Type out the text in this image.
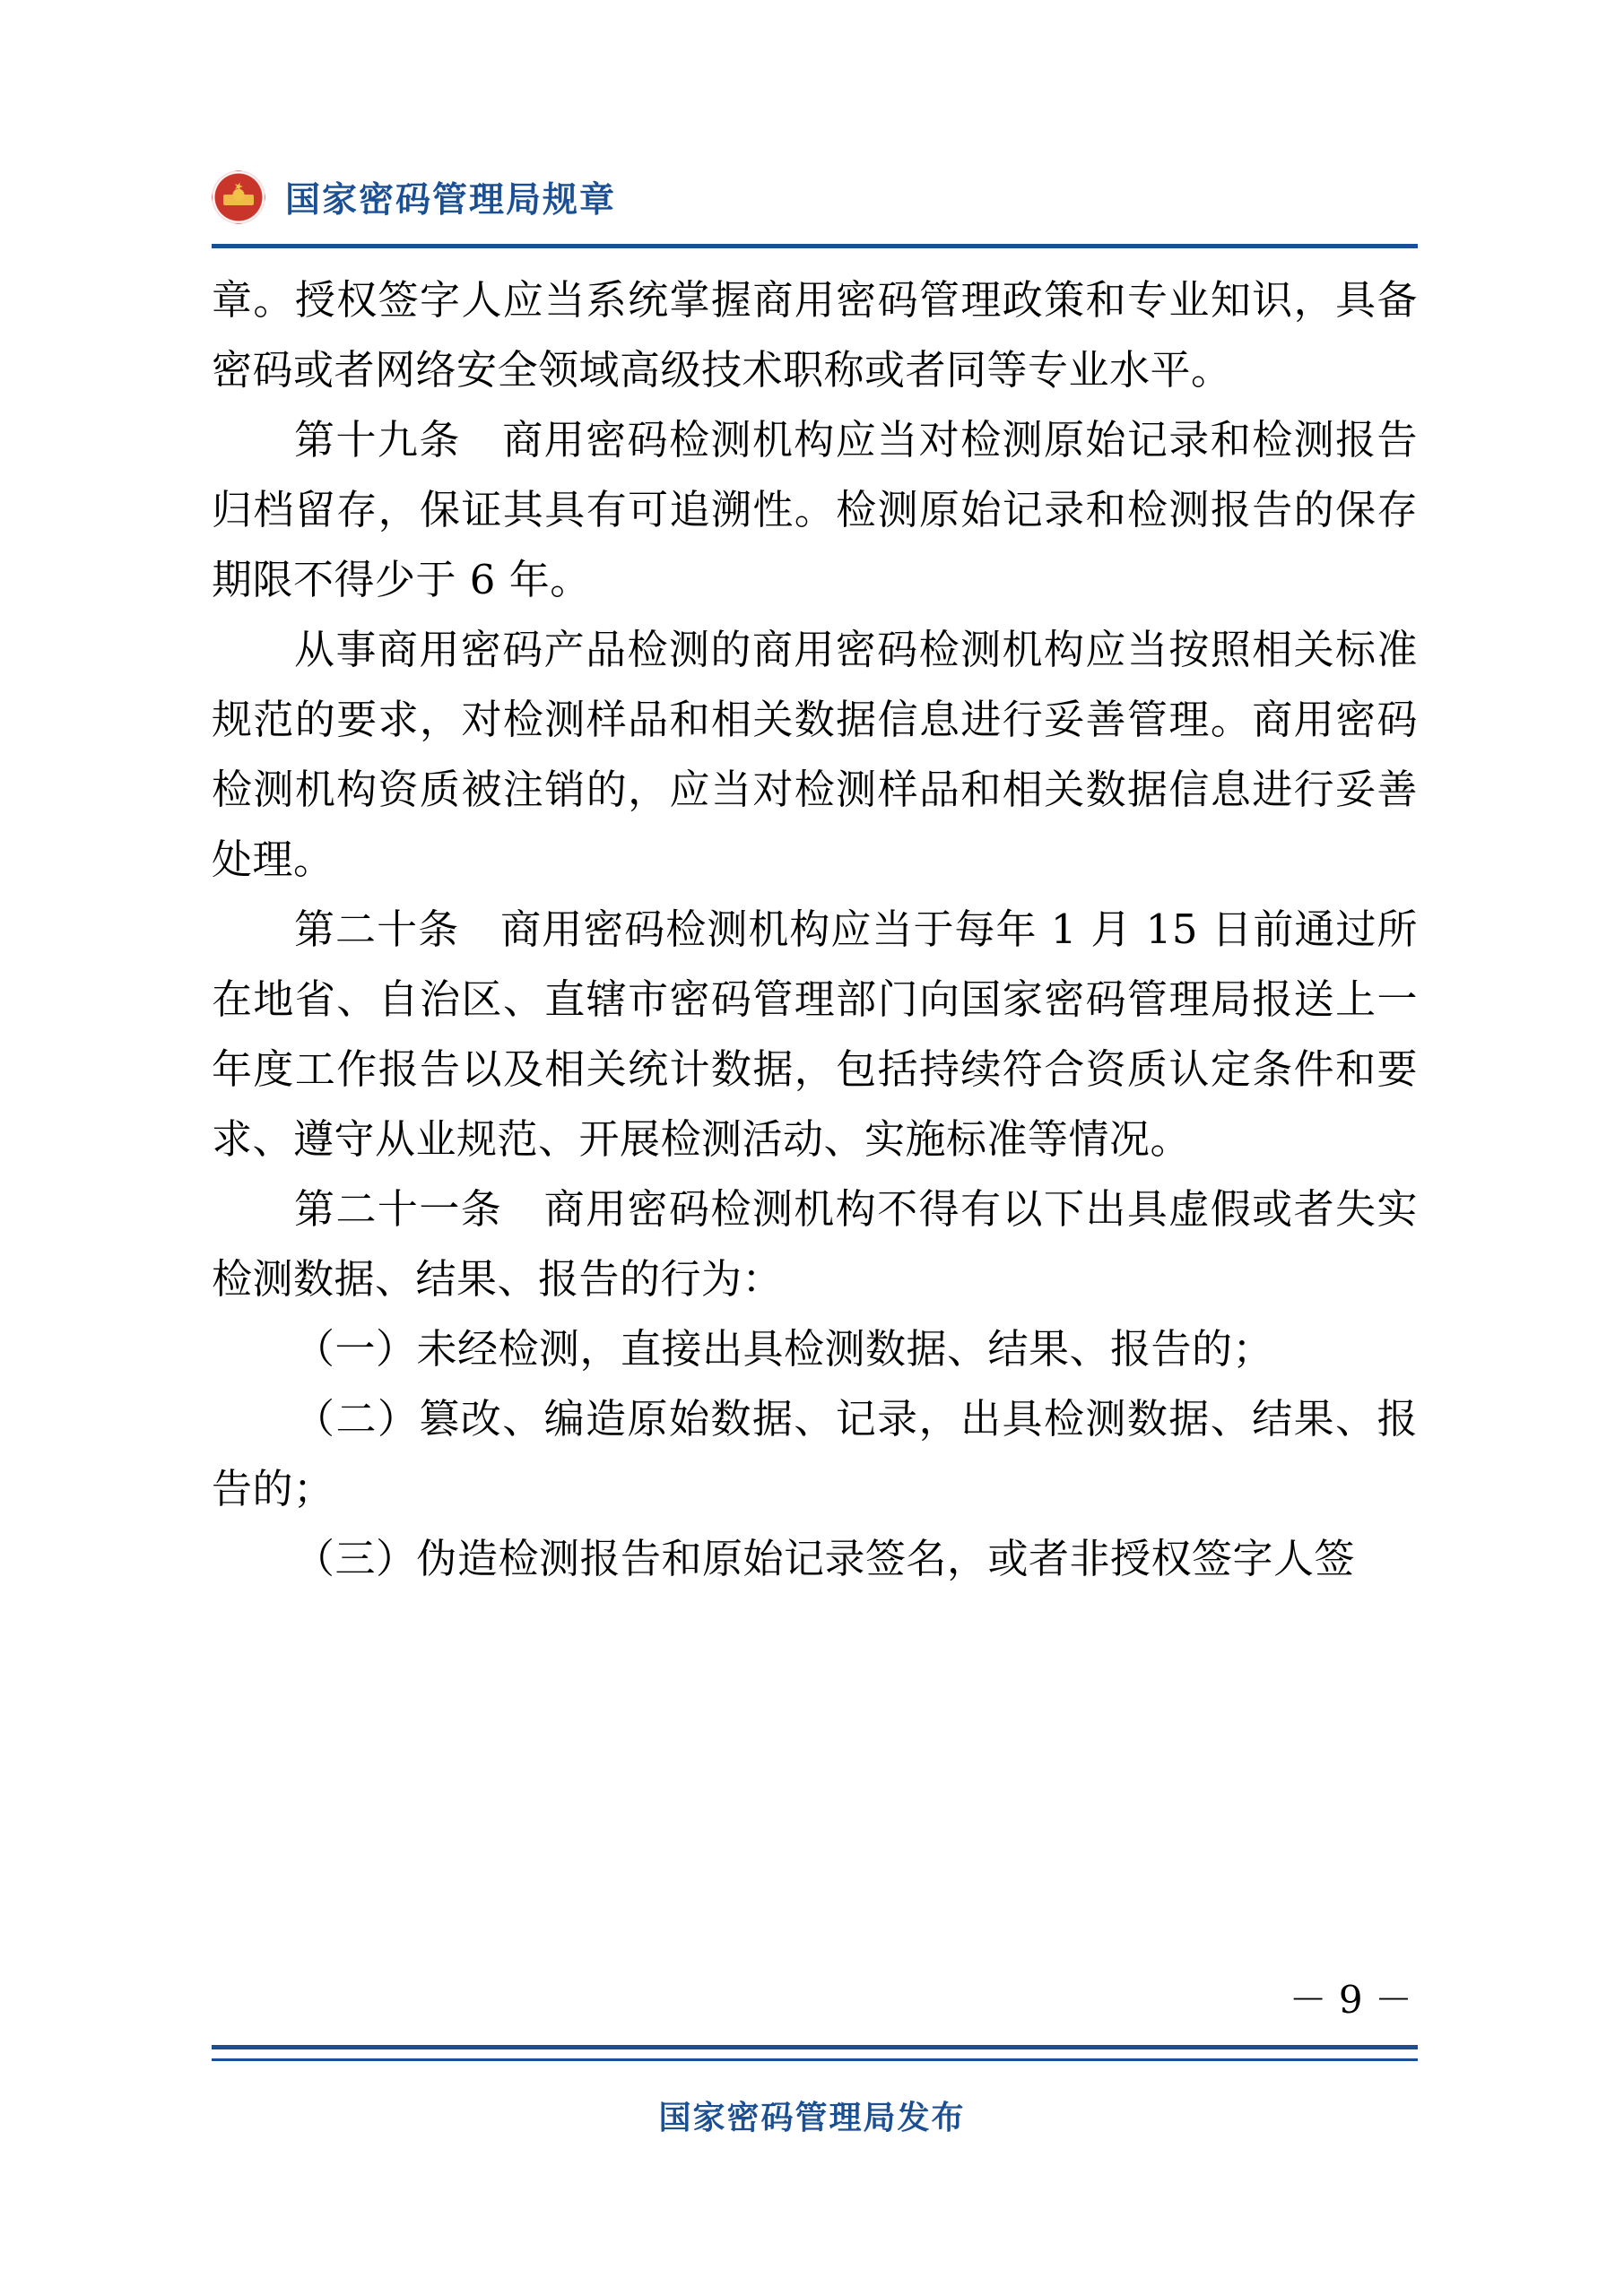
国家密码管理局规章

章。授权签字人应当系统掌握商用密码管理政策和专业知识，具备密码或者网络安全领域高级技术职称或者同等专业水平。

第十九条　商用密码检测机构应当对检测原始记录和检测报告归档留存，保证其具有可追溯性。检测原始记录和检测报告的保存期限不得少于 6 年。

从事商用密码产品检测的商用密码检测机构应当按照相关标准规范的要求，对检测样品和相关数据信息进行妥善管理。商用密码检测机构资质被注销的，应当对检测样品和相关数据信息进行妥善处理。

第二十条　商用密码检测机构应当于每年 1 月 15 日前通过所在地省、自治区、直辖市密码管理部门向国家密码管理局报送上一年度工作报告以及相关统计数据，包括持续符合资质认定条件和要求、遵守从业规范、开展检测活动、实施标准等情况。

第二十一条　商用密码检测机构不得有以下出具虚假或者失实检测数据、结果、报告的行为：

（一）未经检测，直接出具检测数据、结果、报告的；

（二）篡改、编造原始数据、记录，出具检测数据、结果、报告的；

（三）伪造检测报告和原始记录签名，或者非授权签字人签

－ 9 －
国家密码管理局发布
